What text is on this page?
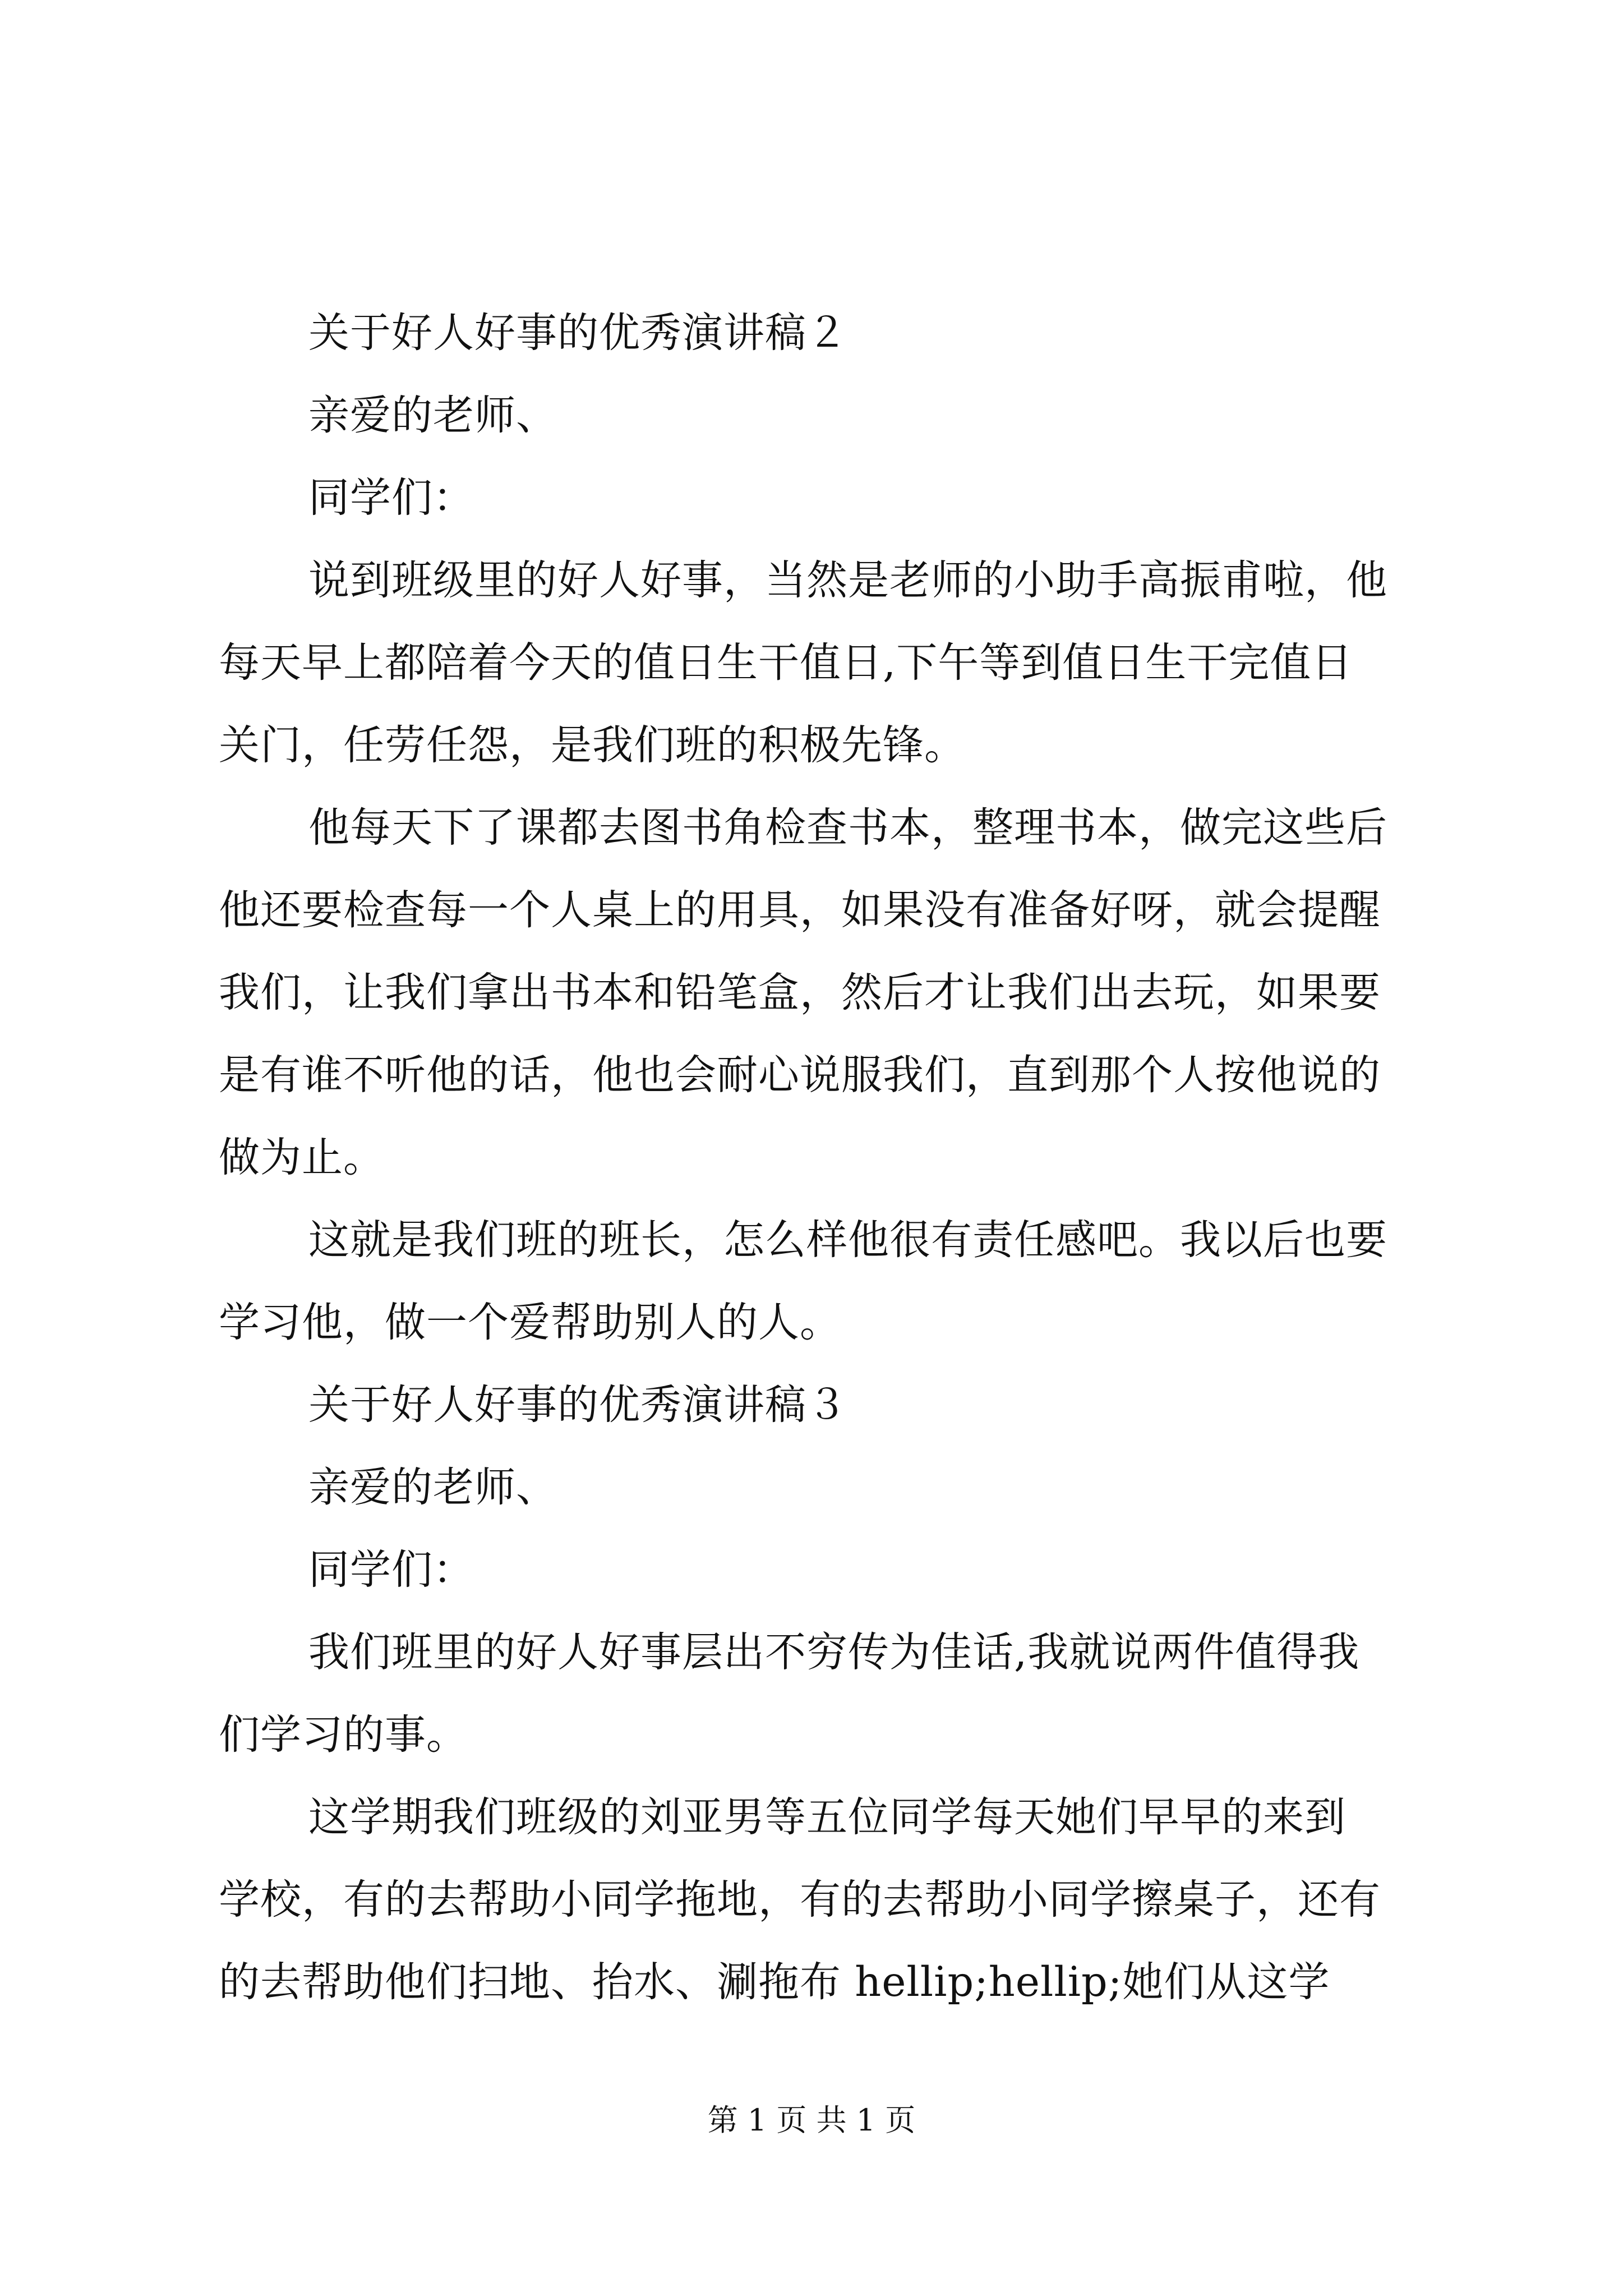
关于好人好事的优秀演讲稿２
亲爱的老师、
同学们：
说到班级里的好人好事，当然是老师的小助手高振甫啦，他
每天早上都陪着今天的值日生干值日,下午等到值日生干完值日
关门，任劳任怨，是我们班的积极先锋。
他每天下了课都去图书角检查书本，整理书本，做完这些后
他还要检查每一个人桌上的用具，如果没有准备好呀，就会提醒
我们，让我们拿出书本和铅笔盒，然后才让我们出去玩，如果要
是有谁不听他的话，他也会耐心说服我们，直到那个人按他说的
做为止。
这就是我们班的班长，怎么样他很有责任感吧。我以后也要
学习他，做一个爱帮助别人的人。
关于好人好事的优秀演讲稿３
亲爱的老师、
同学们：
我们班里的好人好事层出不穷传为佳话,我就说两件值得我
们学习的事。
这学期我们班级的刘亚男等五位同学每天她们早早的来到
学校，有的去帮助小同学拖地，有的去帮助小同学擦桌子，还有
的去帮助他们扫地、抬水、涮拖布 hellip;hellip;她们从这学
第 1 页 共 1 页
